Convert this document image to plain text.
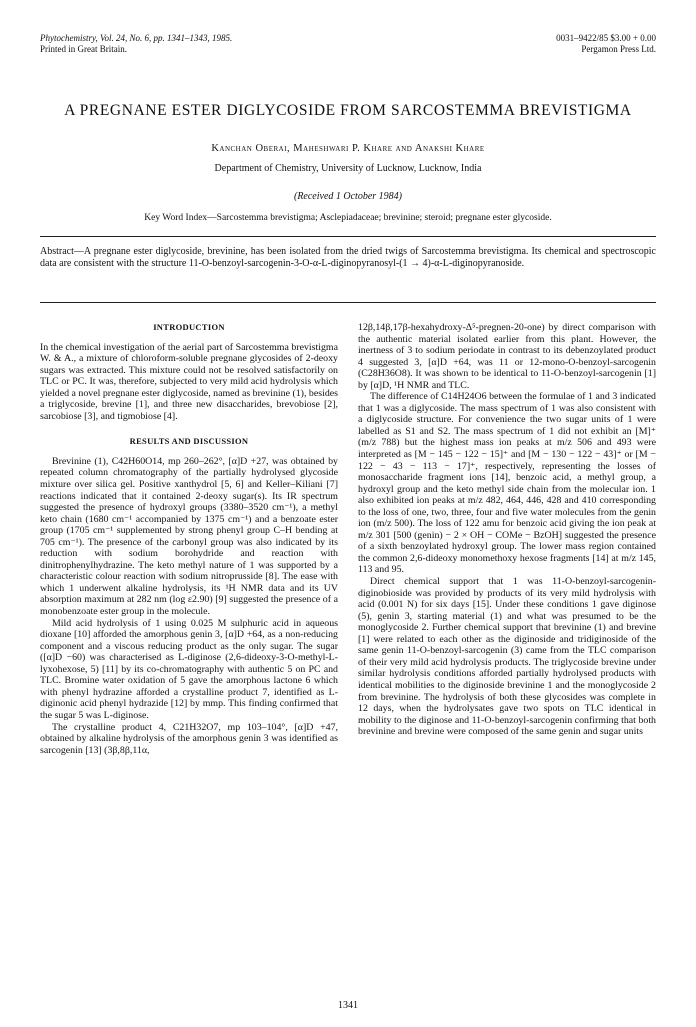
Phytochemistry, Vol. 24, No. 6, pp. 1341–1343, 1985.
Printed in Great Britain.
0031–9422/85 $3.00 + 0.00
Pergamon Press Ltd.
A PREGNANE ESTER DIGLYCOSIDE FROM SARCOSTEMMA BREVISTIGMA
Kanchan Oberai, Maheshwari P. Khare and Anakshi Khare
Department of Chemistry, University of Lucknow, Lucknow, India
(Received 1 October 1984)
Key Word Index—Sarcostemma brevistigma; Asclepiadaceae; brevinine; steroid; pregnane ester glycoside.
Abstract—A pregnane ester diglycoside, brevinine, has been isolated from the dried twigs of Sarcostemma brevistigma. Its chemical and spectroscopic data are consistent with the structure 11-O-benzoyl-sarcogenin-3-O-α-L-diginopyranosyl-(1 → 4)-α-L-diginopyranoside.
INTRODUCTION

In the chemical investigation of the aerial part of Sarcostemma brevistigma W. & A., a mixture of chloroform-soluble pregnane glycosides of 2-deoxy sugars was extracted. This mixture could not be resolved satisfactorily on TLC or PC. It was, therefore, subjected to very mild acid hydrolysis which yielded a novel pregnane ester diglycoside, named as brevinine (1), besides a triglycoside, brevine [1], and three new disaccharides, brevobiose [2], sarcobiose [3], and tigmobiose [4].

RESULTS AND DISCUSSION

Brevinine (1), C42H60O14, mp 260–262°, [α]D +27, was obtained by repeated column chromatography of the partially hydrolysed glycoside mixture over silica gel. Positive xanthydrol [5, 6] and Keller–Kiliani [7] reactions indicated that it contained 2-deoxy sugar(s). Its IR spectrum suggested the presence of hydroxyl groups (3380–3520 cm⁻¹), a methyl keto chain (1680 cm⁻¹ accompanied by 1375 cm⁻¹) and a benzoate ester group (1705 cm⁻¹ supplemented by strong phenyl group C–H bending at 705 cm⁻¹). The presence of the carbonyl group was also indicated by its reduction with sodium borohydride and reaction with dinitrophenylhydrazine. The keto methyl nature of 1 was supported by a characteristic colour reaction with sodium nitroprusside [8]. The ease with which 1 underwent alkaline hydrolysis, its ¹H NMR data and its UV absorption maximum at 282 nm (log ε2.90) [9] suggested the presence of a monobenzoate ester group in the molecule.

Mild acid hydrolysis of 1 using 0.025 M sulphuric acid in aqueous dioxane [10] afforded the amorphous genin 3, [α]D +64, as a non-reducing component and a viscous reducing product as the only sugar. The sugar ([α]D −60) was characterised as L-diginose (2,6-dideoxy-3-O-methyl-L-lyxohexose, 5) [11] by its co-chromatography with authentic 5 on PC and TLC. Bromine water oxidation of 5 gave the amorphous lactone 6 which with phenyl hydrazine afforded a crystalline product 7, identified as L-diginonic acid phenyl hydrazide [12] by mmp. This finding confirmed that the sugar 5 was L-diginose.

The crystalline product 4, C21H32O7, mp 103–104°, [α]D +47, obtained by alkaline hydrolysis of the amorphous genin 3 was identified as sarcogenin [13] (3β,8β,11α,

12β,14β,17β-hexahydroxy-Δ⁵-pregnen-20-one) by direct comparison with the authentic material isolated earlier from this plant. However, the inertness of 3 to sodium periodate in contrast to its debenzoylated product 4 suggested 3, [α]D +64, was 11 or 12-mono-O-benzoyl-sarcogenin (C28H36O8). It was shown to be identical to 11-O-benzoyl-sarcogenin [1] by [α]D, ¹H NMR and TLC.

The difference of C14H24O6 between the formulae of 1 and 3 indicated that 1 was a diglycoside. The mass spectrum of 1 was also consistent with a diglycoside structure. For convenience the two sugar units of 1 were labelled as S1 and S2. The mass spectrum of 1 did not exhibit an [M]⁺ (m/z 788) but the highest mass ion peaks at m/z 506 and 493 were interpreted as [M − 145 − 122 − 15]⁺ and [M − 130 − 122 − 43]⁺ or [M − 122 − 43 − 113 − 17]⁺, respectively, representing the losses of monosaccharide fragment ions [14], benzoic acid, a methyl group, a hydroxyl group and the keto methyl side chain from the molecular ion. 1 also exhibited ion peaks at m/z 482, 464, 446, 428 and 410 corresponding to the loss of one, two, three, four and five water molecules from the genin ion (m/z 500). The loss of 122 amu for benzoic acid giving the ion peak at m/z 301 [500 (genin) − 2 × OH − COMe − BzOH] suggested the presence of a sixth benzoylated hydroxyl group. The lower mass region contained the common 2,6-dideoxy monomethoxy hexose fragments [14] at m/z 145, 113 and 95.

Direct chemical support that 1 was 11-O-benzoyl-sarcogenin-diginobioside was provided by products of its very mild hydrolysis with acid (0.001 N) for six days [15]. Under these conditions 1 gave diginose (5), genin 3, starting material (1) and what was presumed to be the monoglycoside 2. Further chemical support that brevinine (1) and brevine [1] were related to each other as the diginoside and tridiginoside of the same genin 11-O-benzoyl-sarcogenin (3) came from the TLC comparison of their very mild acid hydrolysis products. The triglycoside brevine under similar hydrolysis conditions afforded partially hydrolysed products with identical mobilities to the diginoside brevinine 1 and the monoglycoside 2 from brevinine. The hydrolysis of both these glycosides was complete in 12 days, when the hydrolysates gave two spots on TLC identical in mobility to the diginose and 11-O-benzoyl-sarcogenin confirming that both brevinine and brevine were composed of the same genin and sugar units

1341
